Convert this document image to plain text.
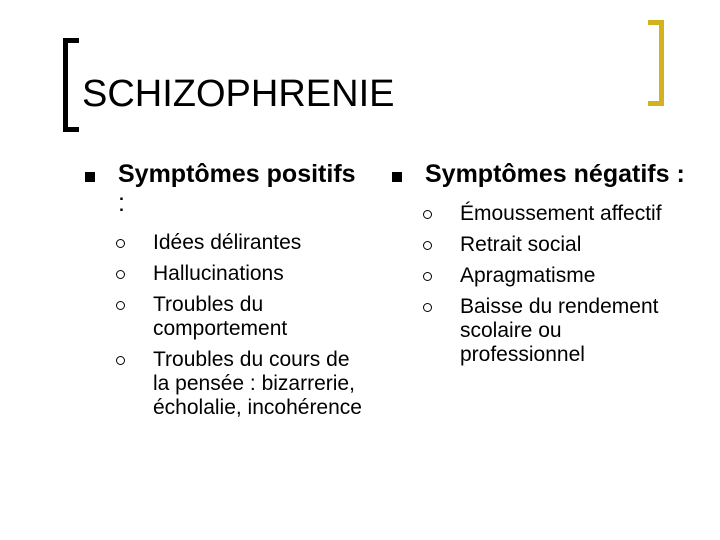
SCHIZOPHRENIE
Symptômes positifs :
Idées délirantes
Hallucinations
Troubles du comportement
Troubles du cours de la pensée : bizarrerie, écholalie, incohérence
Symptômes négatifs :
Émoussement affectif
Retrait social
Apragmatisme
Baisse du rendement scolaire ou professionnel
